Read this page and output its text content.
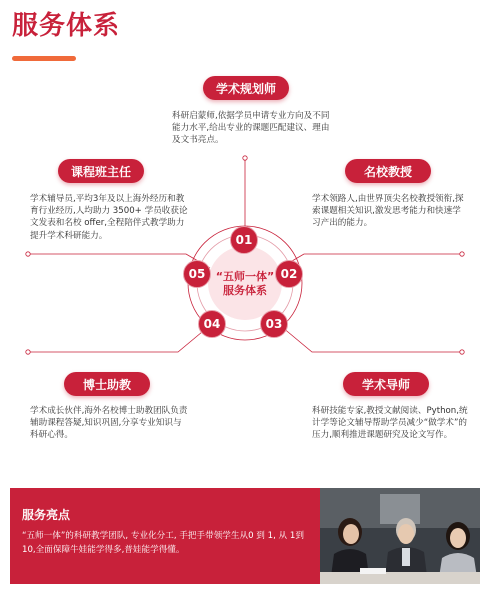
服务体系
“五师一体”
服务体系
01
02
03
04
05
学术规划师

科研启蒙师,依据学员申请专业方向及不同能力水平,给出专业的课题匹配建议、理由及文书亮点。

课程班主任

学术辅导员,平均3年及以上海外经历和教育行业经历,人均助力 3500+ 学员收获论文发表和名校 offer,全程陪伴式教学助力提升学术科研能力。

名校教授

学术领路人,由世界顶尖名校教授领衔,探索课题相关知识,激发思考能力和快速学习产出的能力。

博士助教

学术成长伙伴,海外名校博士助教团队负责辅助课程答疑,知识巩固,分享专业知识与科研心得。

学术导师

科研技能专家,教授文献阅读、Python,统计学等论文辅导帮助学员减少“做学术”的压力,顺利推进课题研究及论文写作。

服务亮点

“五师一体”的科研教学团队, 专业化分工, 手把手带领学生从0 到 1, 从 1到10,全面保障牛娃能学得多,普娃能学得懂。
